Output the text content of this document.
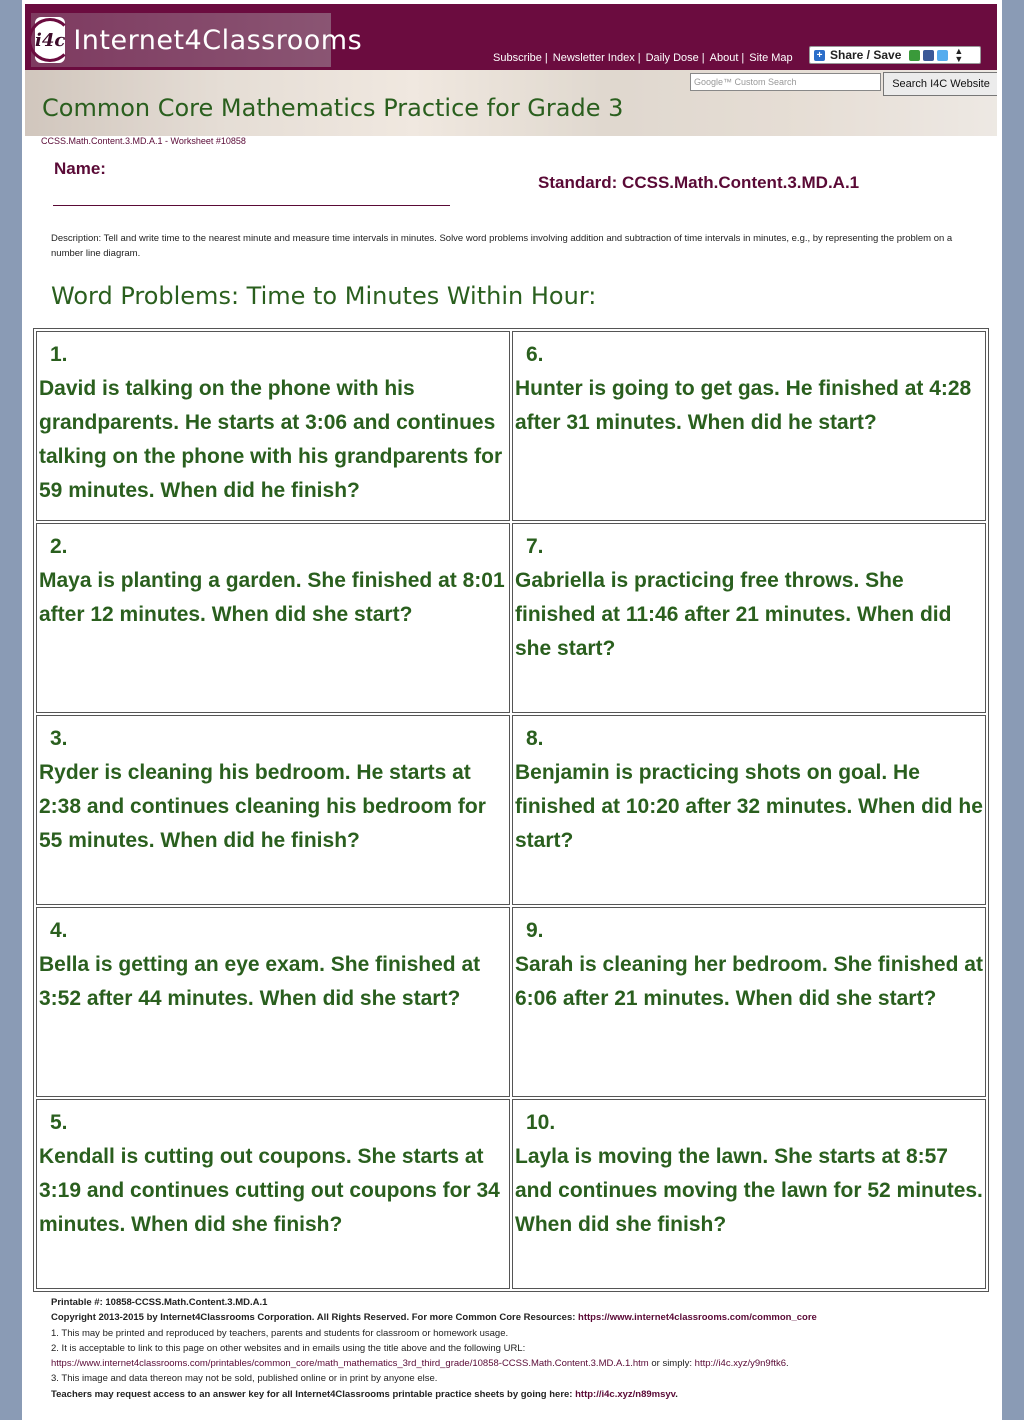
i4c Internet4Classrooms
Subscribe | Newsletter Index | Daily Dose | About | Site Map + Share / Save	▲
▼
Google™ Custom Search	Search I4C Website
Common Core Mathematics Practice for Grade 3
CCSS.Math.Content.3.MD.A.1 - Worksheet #10858
Name:
Standard: CCSS.Math.Content.3.MD.A.1
Description: Tell and write time to the nearest minute and measure time intervals in minutes. Solve word problems involving addition and subtraction of time intervals in minutes, e.g., by representing the problem on a number line diagram.
Word Problems: Time to Minutes Within Hour:
1.
David is talking on the phone with his grandparents. He starts at 3:06 and continues talking on the phone with his grandparents for 59 minutes. When did he finish?
6.
Hunter is going to get gas. He finished at 4:28 after 31 minutes. When did he start?
2.
Maya is planting a garden. She finished at 8:01 after 12 minutes. When did she start?
7.
Gabriella is practicing free throws. She finished at 11:46 after 21 minutes. When did she start?
3.
Ryder is cleaning his bedroom. He starts at 2:38 and continues cleaning his bedroom for 55 minutes. When did he finish?
8.
Benjamin is practicing shots on goal. He finished at 10:20 after 32 minutes. When did he start?
4.
Bella is getting an eye exam. She finished at 3:52 after 44 minutes. When did she start?
9.
Sarah is cleaning her bedroom. She finished at 6:06 after 21 minutes. When did she start?
5.
Kendall is cutting out coupons. She starts at 3:19 and continues cutting out coupons for 34 minutes. When did she finish?
10.
Layla is moving the lawn. She starts at 8:57 and continues moving the lawn for 52 minutes. When did she finish?
Printable #: 10858-CCSS.Math.Content.3.MD.A.1
Copyright 2013-2015 by Internet4Classrooms Corporation. All Rights Reserved. For more Common Core Resources: https://www.internet4classrooms.com/common_core
1. This may be printed and reproduced by teachers, parents and students for classroom or homework usage.
2. It is acceptable to link to this page on other websites and in emails using the title above and the following URL:
https://www.internet4classrooms.com/printables/common_core/math_mathematics_3rd_third_grade/10858-CCSS.Math.Content.3.MD.A.1.htm or simply: http://i4c.xyz/y9n9ftk6.
3. This image and data thereon may not be sold, published online or in print by anyone else.
Teachers may request access to an answer key for all Internet4Classrooms printable practice sheets by going here: http://i4c.xyz/n89msyv.
